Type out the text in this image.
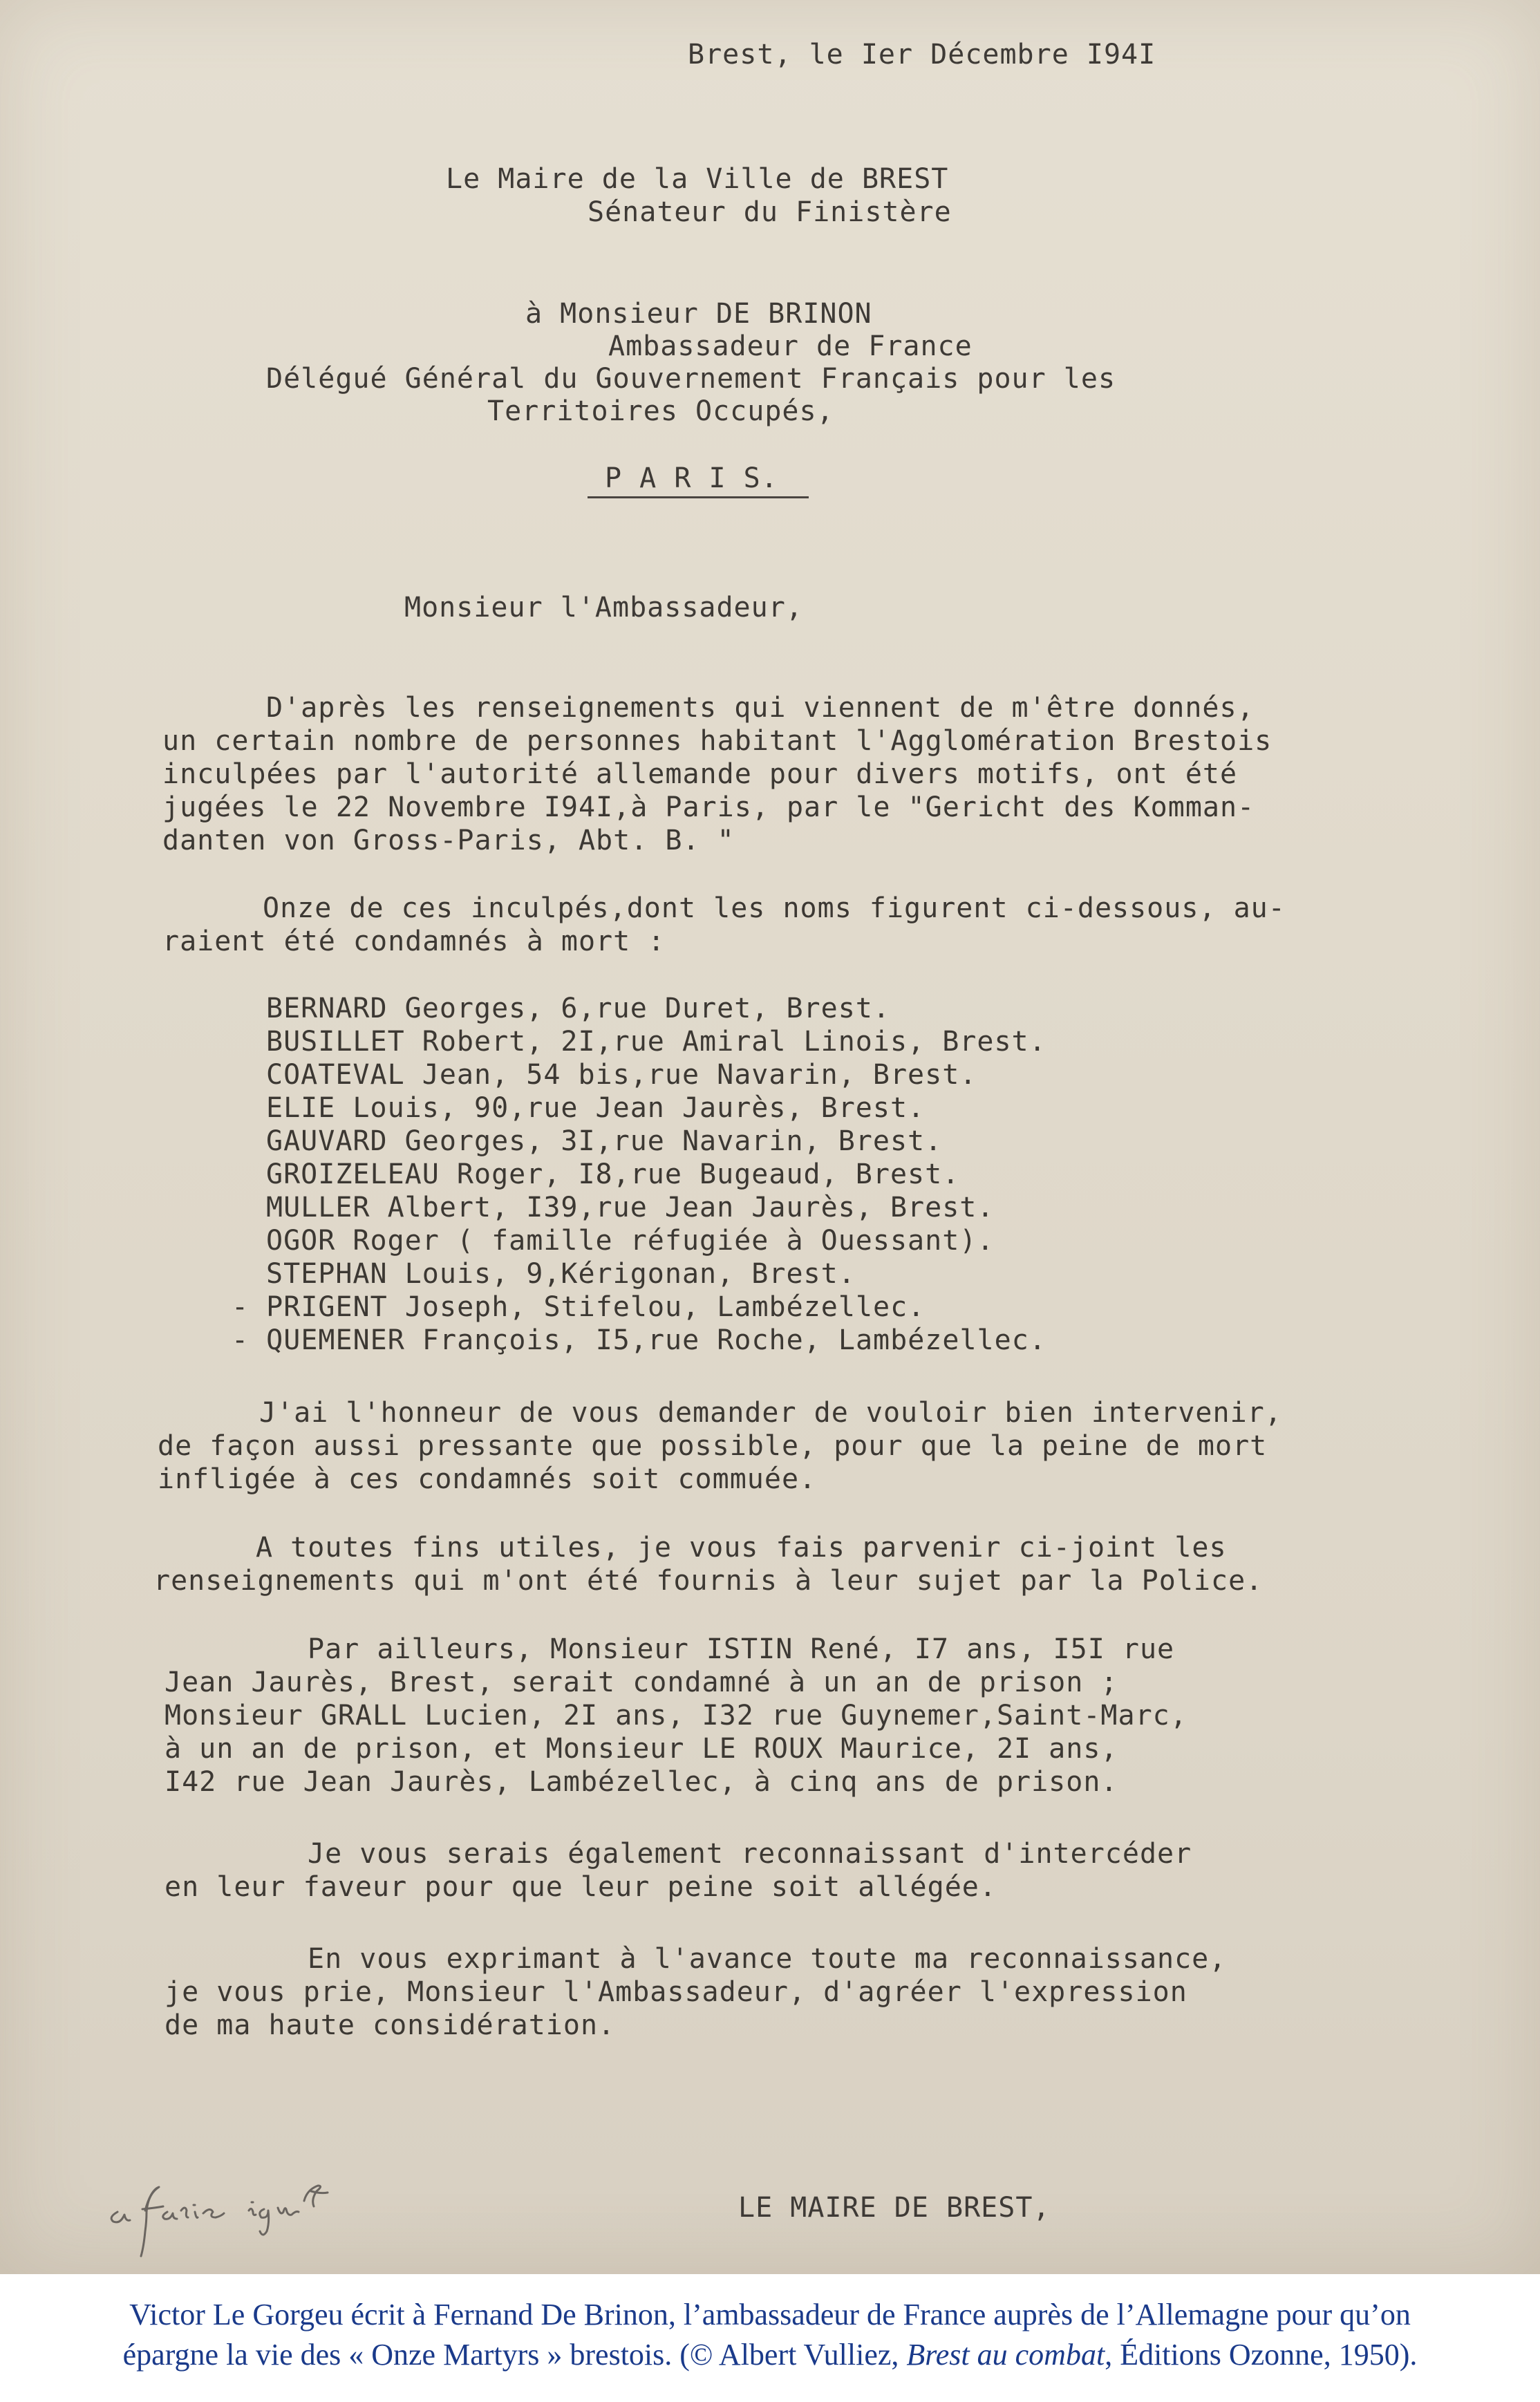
Brest, le Ier Décembre I94I
Le Maire de la Ville de BREST
Sénateur du Finistère
à Monsieur DE BRINON
Ambassadeur de France
Délégué Général du Gouvernement Français pour les
Territoires Occupés,
P A R I S.
Monsieur l'Ambassadeur,
D'après les renseignements qui viennent de m'être donnés,
un certain nombre de personnes habitant l'Agglomération Brestois
inculpées par l'autorité allemande pour divers motifs, ont été
jugées le 22 Novembre I94I,à Paris, par le "Gericht des Komman-
danten von Gross-Paris, Abt. B. "
Onze de ces inculpés,dont les noms figurent ci-dessous, au-
raient été condamnés à mort :
BERNARD Georges, 6,rue Duret, Brest.
BUSILLET Robert, 2I,rue Amiral Linois, Brest.
COATEVAL Jean, 54 bis,rue Navarin, Brest.
ELIE Louis, 90,rue Jean Jaurès, Brest.
GAUVARD Georges, 3I,rue Navarin, Brest.
GROIZELEAU Roger, I8,rue Bugeaud, Brest.
MULLER Albert, I39,rue Jean Jaurès, Brest.
OGOR Roger ( famille réfugiée à Ouessant).
STEPHAN Louis, 9,Kérigonan, Brest.
- PRIGENT Joseph, Stifelou, Lambézellec.
- QUEMENER François, I5,rue Roche, Lambézellec.
J'ai l'honneur de vous demander de vouloir bien intervenir,
de façon aussi pressante que possible, pour que la peine de mort
infligée à ces condamnés soit commuée.
A toutes fins utiles, je vous fais parvenir ci-joint les
renseignements qui m'ont été fournis à leur sujet par la Police.
Par ailleurs, Monsieur ISTIN René, I7 ans, I5I rue
Jean Jaurès, Brest, serait condamné à un an de prison ;
Monsieur GRALL Lucien, 2I ans, I32 rue Guynemer,Saint-Marc,
à un an de prison, et Monsieur LE ROUX Maurice, 2I ans,
I42 rue Jean Jaurès, Lambézellec, à cinq ans de prison.
Je vous serais également reconnaissant d'intercéder
en leur faveur pour que leur peine soit allégée.
En vous exprimant à l'avance toute ma reconnaissance,
je vous prie, Monsieur l'Ambassadeur, d'agréer l'expression
de ma haute considération.
LE MAIRE DE BREST,
Victor Le Gorgeu écrit à Fernand De Brinon, l’ambassadeur de France auprès de l’Allemagne pour qu’on
épargne la vie des « Onze Martyrs » brestois. (© Albert Vulliez, Brest au combat, Éditions Ozonne, 1950).
